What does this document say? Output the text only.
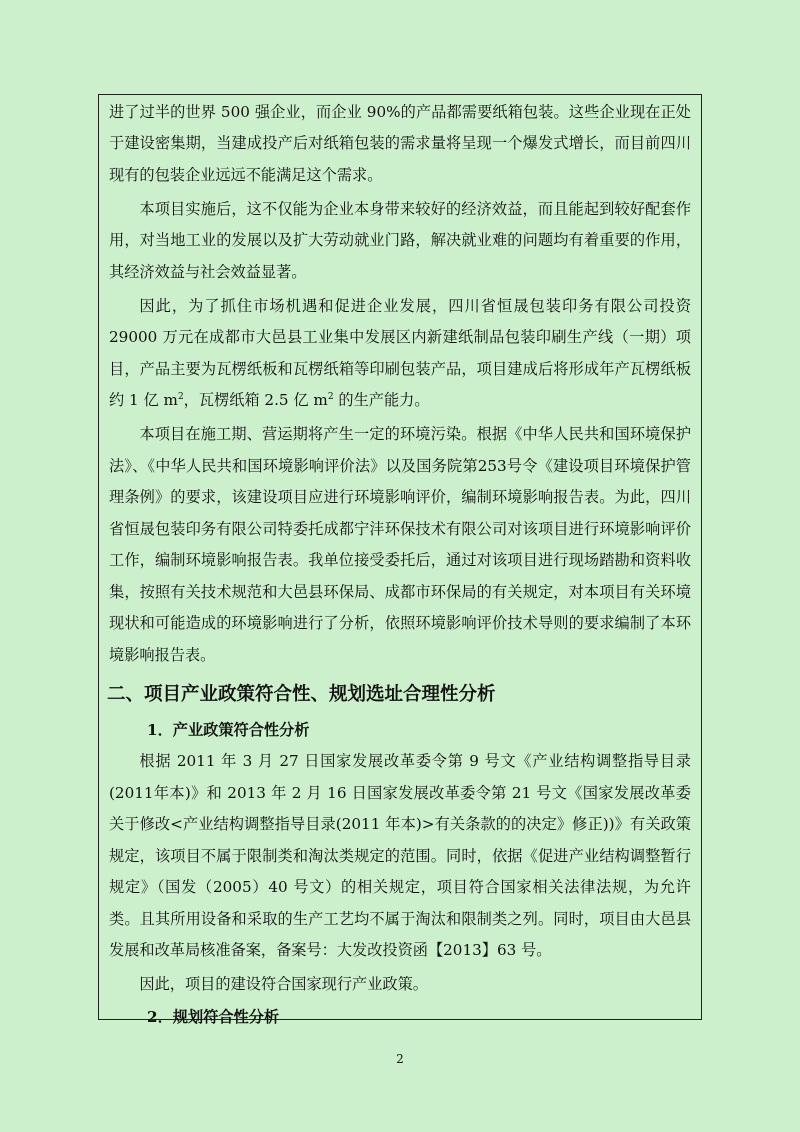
进了过半的世界 500 强企业，而企业 90%的产品都需要纸箱包装。这些企业现在正处于建设密集期，当建成投产后对纸箱包装的需求量将呈现一个爆发式增长，而目前四川现有的包装企业远远不能满足这个需求。

本项目实施后，这不仅能为企业本身带来较好的经济效益，而且能起到较好配套作用，对当地工业的发展以及扩大劳动就业门路，解决就业难的问题均有着重要的作用，其经济效益与社会效益显著。

因此，为了抓住市场机遇和促进企业发展，四川省恒晟包装印务有限公司投资 29000 万元在成都市大邑县工业集中发展区内新建纸制品包装印刷生产线（一期）项目，产品主要为瓦楞纸板和瓦楞纸箱等印刷包装产品，项目建成后将形成年产瓦楞纸板约 1 亿 $m^2$，瓦楞纸箱 2.5 亿 $m^2$ 的生产能力。

本项目在施工期、营运期将产生一定的环境污染。根据《中华人民共和国环境保护法》、《中华人民共和国环境影响评价法》以及国务院第253号令《建设项目环境保护管理条例》的要求，该建设项目应进行环境影响评价，编制环境影响报告表。为此，四川省恒晟包装印务有限公司特委托成都宁沣环保技术有限公司对该项目进行环境影响评价工作，编制环境影响报告表。我单位接受委托后，通过对该项目进行现场踏勘和资料收集，按照有关技术规范和大邑县环保局、成都市环保局的有关规定，对本项目有关环境现状和可能造成的环境影响进行了分析，依照环境影响评价技术导则的要求编制了本环境影响报告表。

二、项目产业政策符合性、规划选址合理性分析
1．产业政策符合性分析

根据 2011 年 3 月 27 日国家发展改革委令第 9 号文《产业结构调整指导目录(2011年本)》和 2013 年 2 月 16 日国家发展改革委令第 21 号文《国家发展改革委关于修改<产业结构调整指导目录(2011 年本)>有关条款的的决定》修正))》有关政策规定，该项目不属于限制类和淘汰类规定的范围。同时，依据《促进产业结构调整暂行规定》（国发（2005）40 号文）的相关规定，项目符合国家相关法律法规，为允许类。且其所用设备和采取的生产工艺均不属于淘汰和限制类之列。同时，项目由大邑县发展和改革局核准备案，备案号：大发改投资函【2013】63 号。

因此，项目的建设符合国家现行产业政策。

2．规划符合性分析
2
